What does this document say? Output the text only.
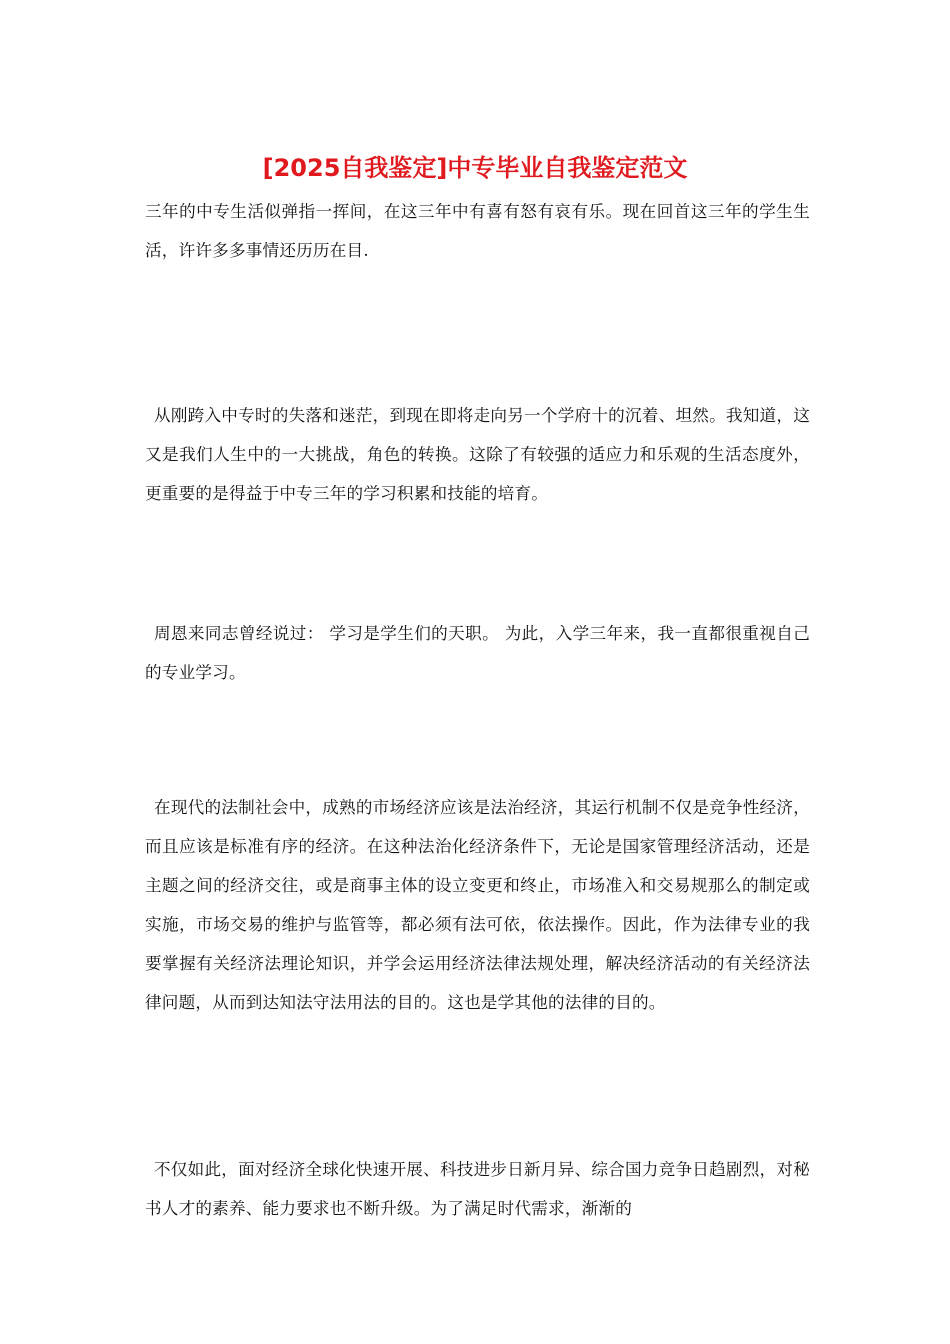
[2025自我鉴定]中专毕业自我鉴定范文

三年的中专生活似弹指一挥间，在这三年中有喜有怒有哀有乐。现在回首这三年的学生生活，许许多多事情还历历在目.

从刚跨入中专时的失落和迷茫，到现在即将走向另一个学府十的沉着、坦然。我知道，这又是我们人生中的一大挑战，角色的转换。这除了有较强的适应力和乐观的生活态度外，更重要的是得益于中专三年的学习积累和技能的培育。

周恩来同志曾经说过： 学习是学生们的天职。 为此，入学三年来，我一直都很重视自己的专业学习。

在现代的法制社会中，成熟的市场经济应该是法治经济，其运行机制不仅是竞争性经济，而且应该是标准有序的经济。在这种法治化经济条件下，无论是国家管理经济活动，还是主题之间的经济交往，或是商事主体的设立变更和终止，市场准入和交易规那么的制定或实施，市场交易的维护与监管等，都必须有法可依，依法操作。因此，作为法律专业的我要掌握有关经济法理论知识，并学会运用经济法律法规处理，解决经济活动的有关经济法律问题，从而到达知法守法用法的目的。这也是学其他的法律的目的。

不仅如此，面对经济全球化快速开展、科技进步日新月异、综合国力竞争日趋剧烈，对秘书人才的素养、能力要求也不断升级。为了满足时代需求，渐渐的
